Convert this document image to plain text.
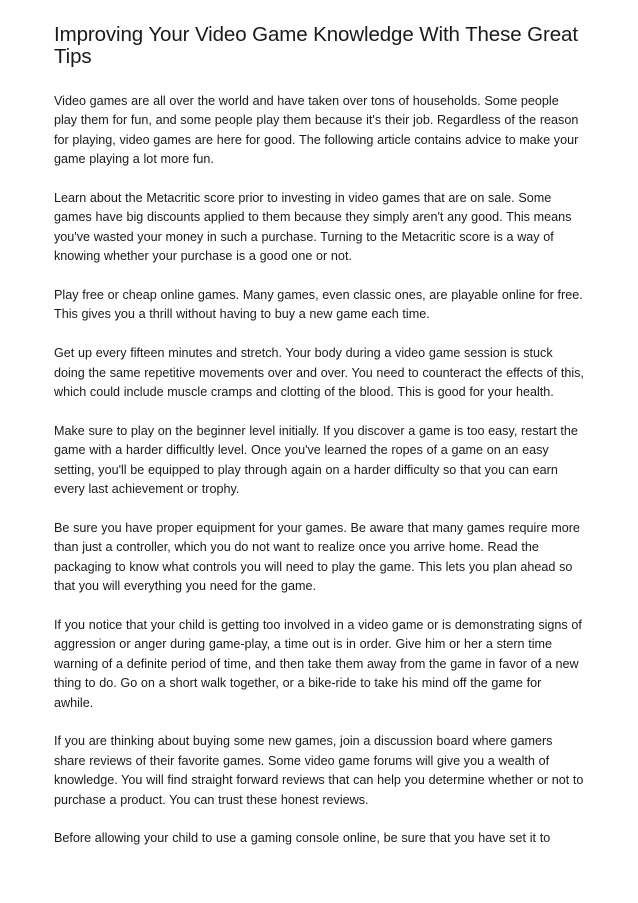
Improving Your Video Game Knowledge With These Great Tips

Video games are all over the world and have taken over tons of households. Some people play them for fun, and some people play them because it's their job. Regardless of the reason for playing, video games are here for good. The following article contains advice to make your game playing a lot more fun.

Learn about the Metacritic score prior to investing in video games that are on sale. Some games have big discounts applied to them because they simply aren't any good. This means you've wasted your money in such a purchase. Turning to the Metacritic score is a way of knowing whether your purchase is a good one or not.

Play free or cheap online games. Many games, even classic ones, are playable online for free. This gives you a thrill without having to buy a new game each time.

Get up every fifteen minutes and stretch. Your body during a video game session is stuck doing the same repetitive movements over and over. You need to counteract the effects of this, which could include muscle cramps and clotting of the blood. This is good for your health.

Make sure to play on the beginner level initially. If you discover a game is too easy, restart the game with a harder difficultly level. Once you've learned the ropes of a game on an easy setting, you'll be equipped to play through again on a harder difficulty so that you can earn every last achievement or trophy.

Be sure you have proper equipment for your games. Be aware that many games require more than just a controller, which you do not want to realize once you arrive home. Read the packaging to know what controls you will need to play the game. This lets you plan ahead so that you will everything you need for the game.

If you notice that your child is getting too involved in a video game or is demonstrating signs of aggression or anger during game-play, a time out is in order. Give him or her a stern time warning of a definite period of time, and then take them away from the game in favor of a new thing to do. Go on a short walk together, or a bike-ride to take his mind off the game for awhile.

If you are thinking about buying some new games, join a discussion board where gamers share reviews of their favorite games. Some video game forums will give you a wealth of knowledge. You will find straight forward reviews that can help you determine whether or not to purchase a product. You can trust these honest reviews.

Before allowing your child to use a gaming console online, be sure that you have set it to
